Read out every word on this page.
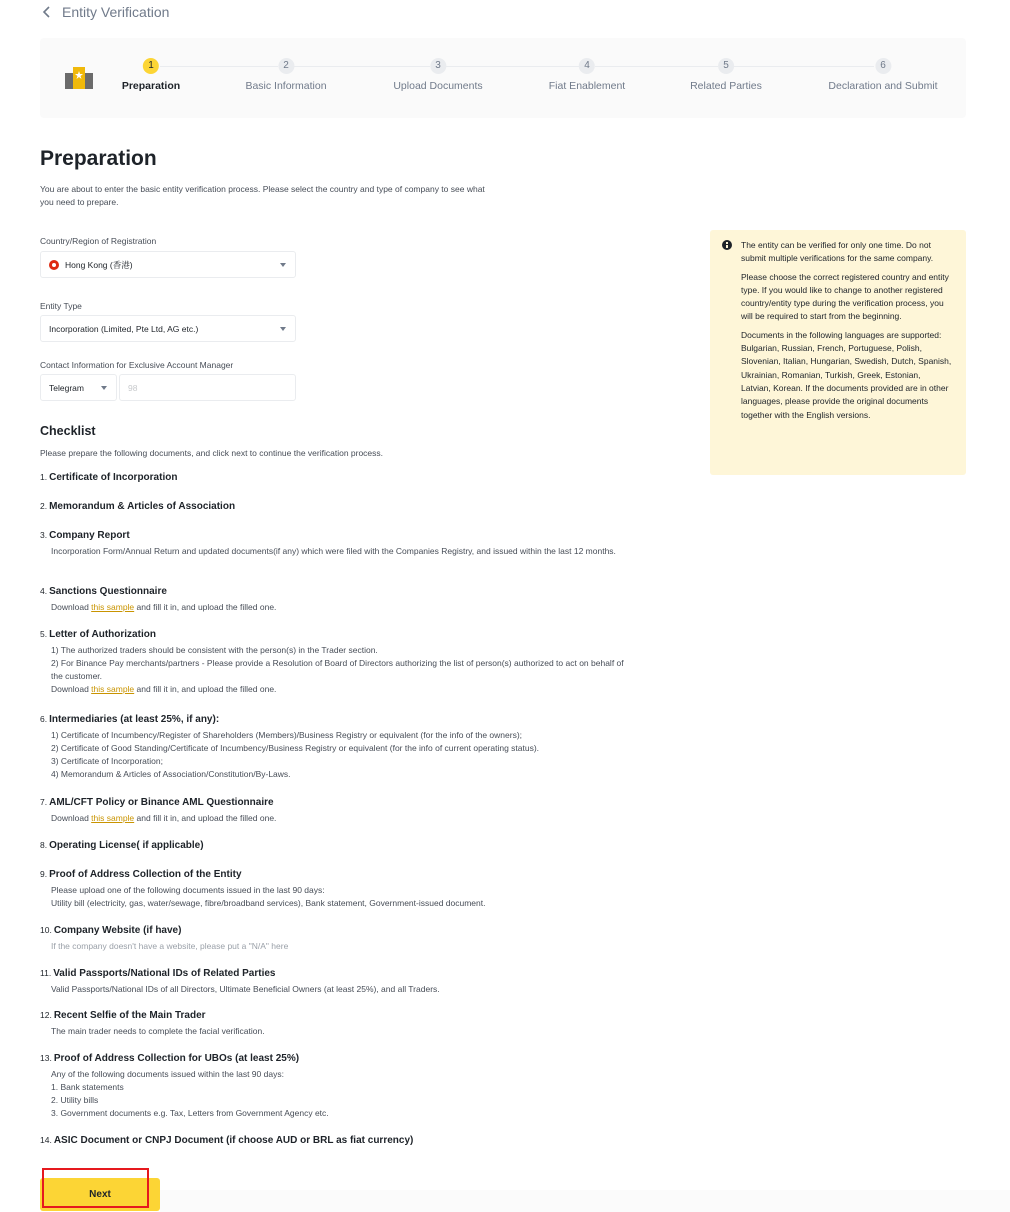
Entity Verification
1
Preparation
2
Basic Information
3
Upload Documents
4
Fiat Enablement
5
Related Parties
6
Declaration and Submit
Preparation

You are about to enter the basic entity verification process. Please select the country and type of company to see what you need to prepare.

Country/Region of Registration
Hong Kong (香港)
Entity Type
Incorporation (Limited, Pte Ltd, AG etc.)
Contact Information for Exclusive Account Manager
Telegram
98
Checklist

Please prepare the following documents, and click next to continue the verification process.

1. Certificate of Incorporation
2. Memorandum & Articles of Association
3. Company Report
Incorporation Form/Annual Return and updated documents(if any) which were filed with the Companies Registry, and issued within the last 12 months.
4. Sanctions Questionnaire
Download this sample and fill it in, and upload the filled one.
5. Letter of Authorization
1) The authorized traders should be consistent with the person(s) in the Trader section.
2) For Binance Pay merchants/partners - Please provide a Resolution of Board of Directors authorizing the list of person(s) authorized to act on behalf of the customer.
Download this sample and fill it in, and upload the filled one.
6. Intermediaries (at least 25%, if any):
1) Certificate of Incumbency/Register of Shareholders (Members)/Business Registry or equivalent (for the info of the owners);
2) Certificate of Good Standing/Certificate of Incumbency/Business Registry or equivalent (for the info of current operating status).
3) Certificate of Incorporation;
4) Memorandum & Articles of Association/Constitution/By-Laws.
7. AML/CFT Policy or Binance AML Questionnaire
Download this sample and fill it in, and upload the filled one.
8. Operating License( if applicable)
9. Proof of Address Collection of the Entity
Please upload one of the following documents issued in the last 90 days:
Utility bill (electricity, gas, water/sewage, fibre/broadband services), Bank statement, Government-issued document.
10. Company Website (if have)
If the company doesn't have a website, please put a "N/A" here
11. Valid Passports/National IDs of Related Parties
Valid Passports/National IDs of all Directors, Ultimate Beneficial Owners (at least 25%), and all Traders.
12. Recent Selfie of the Main Trader
The main trader needs to complete the facial verification.
13. Proof of Address Collection for UBOs (at least 25%)
Any of the following documents issued within the last 90 days:
1. Bank statements
2. Utility bills
3. Government documents e.g. Tax, Letters from Government Agency etc.
14. ASIC Document or CNPJ Document (if choose AUD or BRL as fiat currency)

The entity can be verified for only one time. Do not submit multiple verifications for the same company.

Please choose the correct registered country and entity type. If you would like to change to another registered country/entity type during the verification process, you will be required to start from the beginning.

Documents in the following languages are supported: Bulgarian, Russian, French, Portuguese, Polish, Slovenian, Italian, Hungarian, Swedish, Dutch, Spanish, Ukrainian, Romanian, Turkish, Greek, Estonian, Latvian, Korean. If the documents provided are in other languages, please provide the original documents together with the English versions.

Next
